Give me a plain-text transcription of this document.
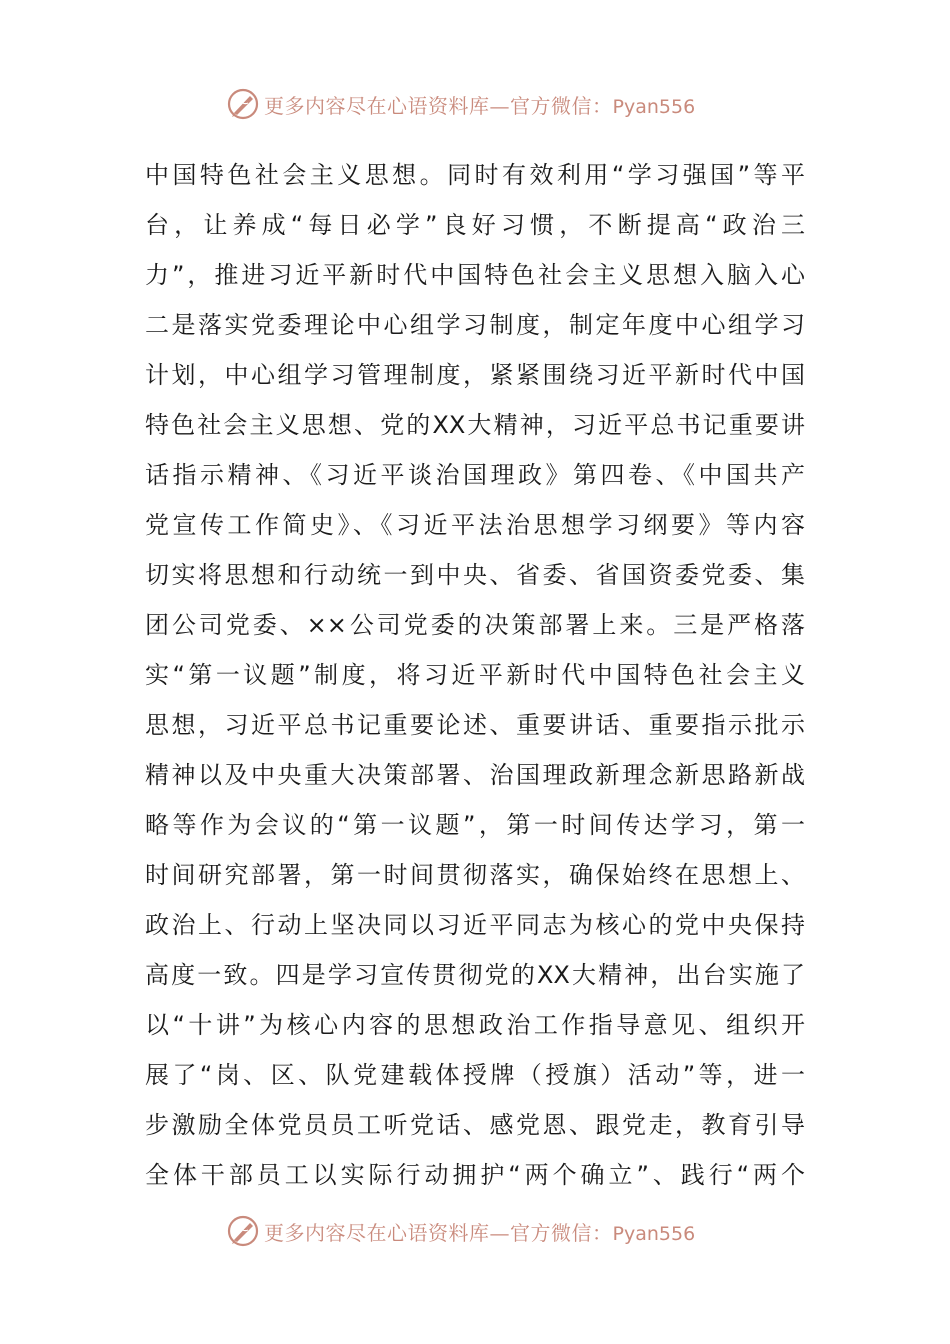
更多内容尽在心语资料库—官方微信：Pyan556
中国特色社会主义思想。同时有效利用“学习强国”等平
台，让养成“每日必学”良好习惯，不断提高“政治三
力”，推进习近平新时代中国特色社会主义思想入脑入心
二是落实党委理论中心组学习制度，制定年度中心组学习
计划，中心组学习管理制度，紧紧围绕习近平新时代中国
特色社会主义思想、党的XX大精神，习近平总书记重要讲
话指示精神、《习近平谈治国理政》第四卷、《中国共产
党宣传工作简史》、《习近平法治思想学习纲要》等内容
切实将思想和行动统一到中央、省委、省国资委党委、集
团公司党委、××公司党委的决策部署上来。三是严格落
实“第一议题”制度，将习近平新时代中国特色社会主义
思想，习近平总书记重要论述、重要讲话、重要指示批示
精神以及中央重大决策部署、治国理政新理念新思路新战
略等作为会议的“第一议题”，第一时间传达学习，第一
时间研究部署，第一时间贯彻落实，确保始终在思想上、
政治上、行动上坚决同以习近平同志为核心的党中央保持
高度一致。四是学习宣传贯彻党的XX大精神，出台实施了
以“十讲”为核心内容的思想政治工作指导意见、组织开
展了“岗、区、队党建载体授牌（授旗）活动”等，进一
步激励全体党员员工听党话、感党恩、跟党走，教育引导
全体干部员工以实际行动拥护“两个确立”、践行“两个
更多内容尽在心语资料库—官方微信：Pyan556
